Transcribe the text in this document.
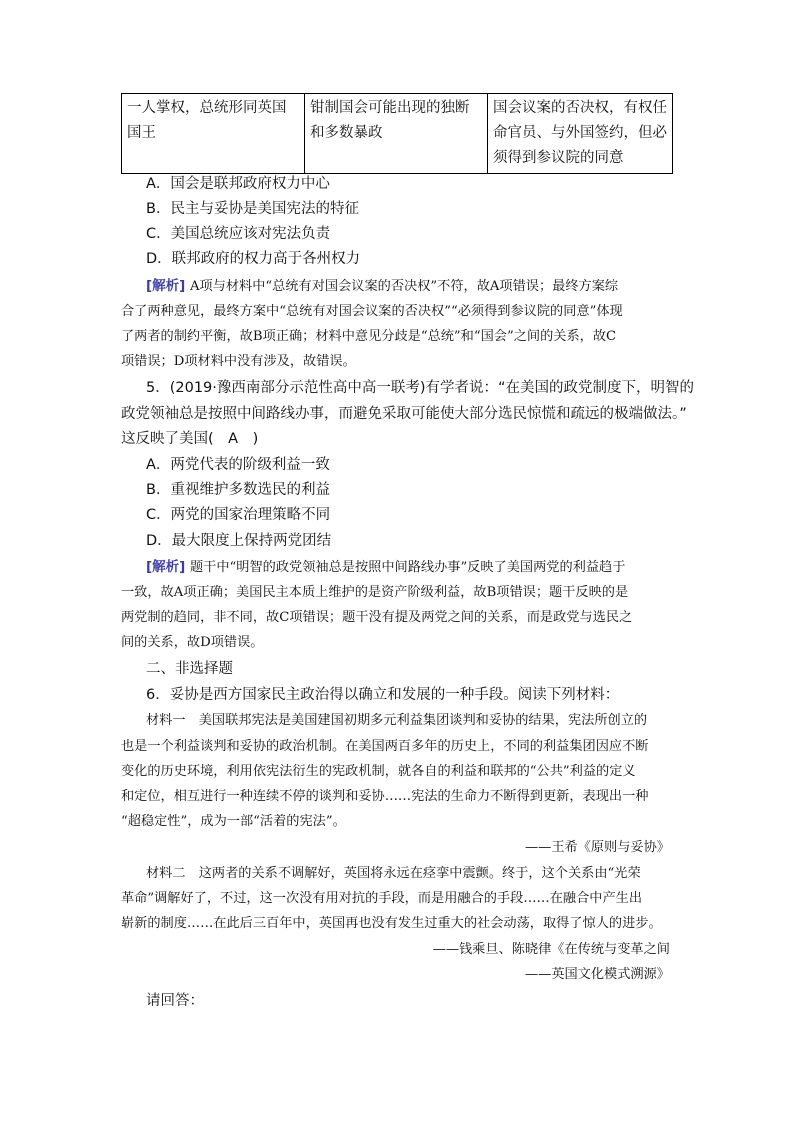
一人掌权，总统形同英国国王	钳制国会可能出现的独断和多数暴政	国会议案的否决权，有权任命官员、与外国签约，但必须得到参议院的同意
A．国会是联邦政府权力中心
B．民主与妥协是美国宪法的特征
C．美国总统应该对宪法负责
D．联邦政府的权力高于各州权力
[解析] A项与材料中“总统有对国会议案的否决权”不符，故A项错误；最终方案综
合了两种意见，最终方案中“总统有对国会议案的否决权”“必须得到参议院的同意”体现
了两者的制约平衡，故B项正确；材料中意见分歧是“总统”和“国会”之间的关系，故C
项错误；D项材料中没有涉及，故错误。
5．(2019·豫西南部分示范性高中高一联考)有学者说：“在美国的政党制度下，明智的
政党领袖总是按照中间路线办事，而避免采取可能使大部分选民惊慌和疏远的极端做法。”
这反映了美国(　A　)
A．两党代表的阶级利益一致
B．重视维护多数选民的利益
C．两党的国家治理策略不同
D．最大限度上保持两党团结
[解析] 题干中“明智的政党领袖总是按照中间路线办事”反映了美国两党的利益趋于
一致，故A项正确；美国民主本质上维护的是资产阶级利益，故B项错误；题干反映的是
两党制的趋同，非不同，故C项错误；题干没有提及两党之间的关系，而是政党与选民之
间的关系，故D项错误。
二、非选择题
6．妥协是西方国家民主政治得以确立和发展的一种手段。阅读下列材料：
材料一　美国联邦宪法是美国建国初期多元利益集团谈判和妥协的结果，宪法所创立的
也是一个利益谈判和妥协的政治机制。在美国两百多年的历史上，不同的利益集团因应不断
变化的历史环境，利用依宪法衍生的宪政机制，就各自的利益和联邦的“公共”利益的定义
和定位，相互进行一种连续不停的谈判和妥协……宪法的生命力不断得到更新，表现出一种
“超稳定性”，成为一部“活着的宪法”。
——王希《原则与妥协》
材料二　这两者的关系不调解好，英国将永远在痉挛中震颤。终于，这个关系由“光荣
革命”调解好了，不过，这一次没有用对抗的手段，而是用融合的手段……在融合中产生出
崭新的制度……在此后三百年中，英国再也没有发生过重大的社会动荡，取得了惊人的进步。
——钱乘旦、陈晓律《在传统与变革之间
——英国文化模式溯源》
请回答：
